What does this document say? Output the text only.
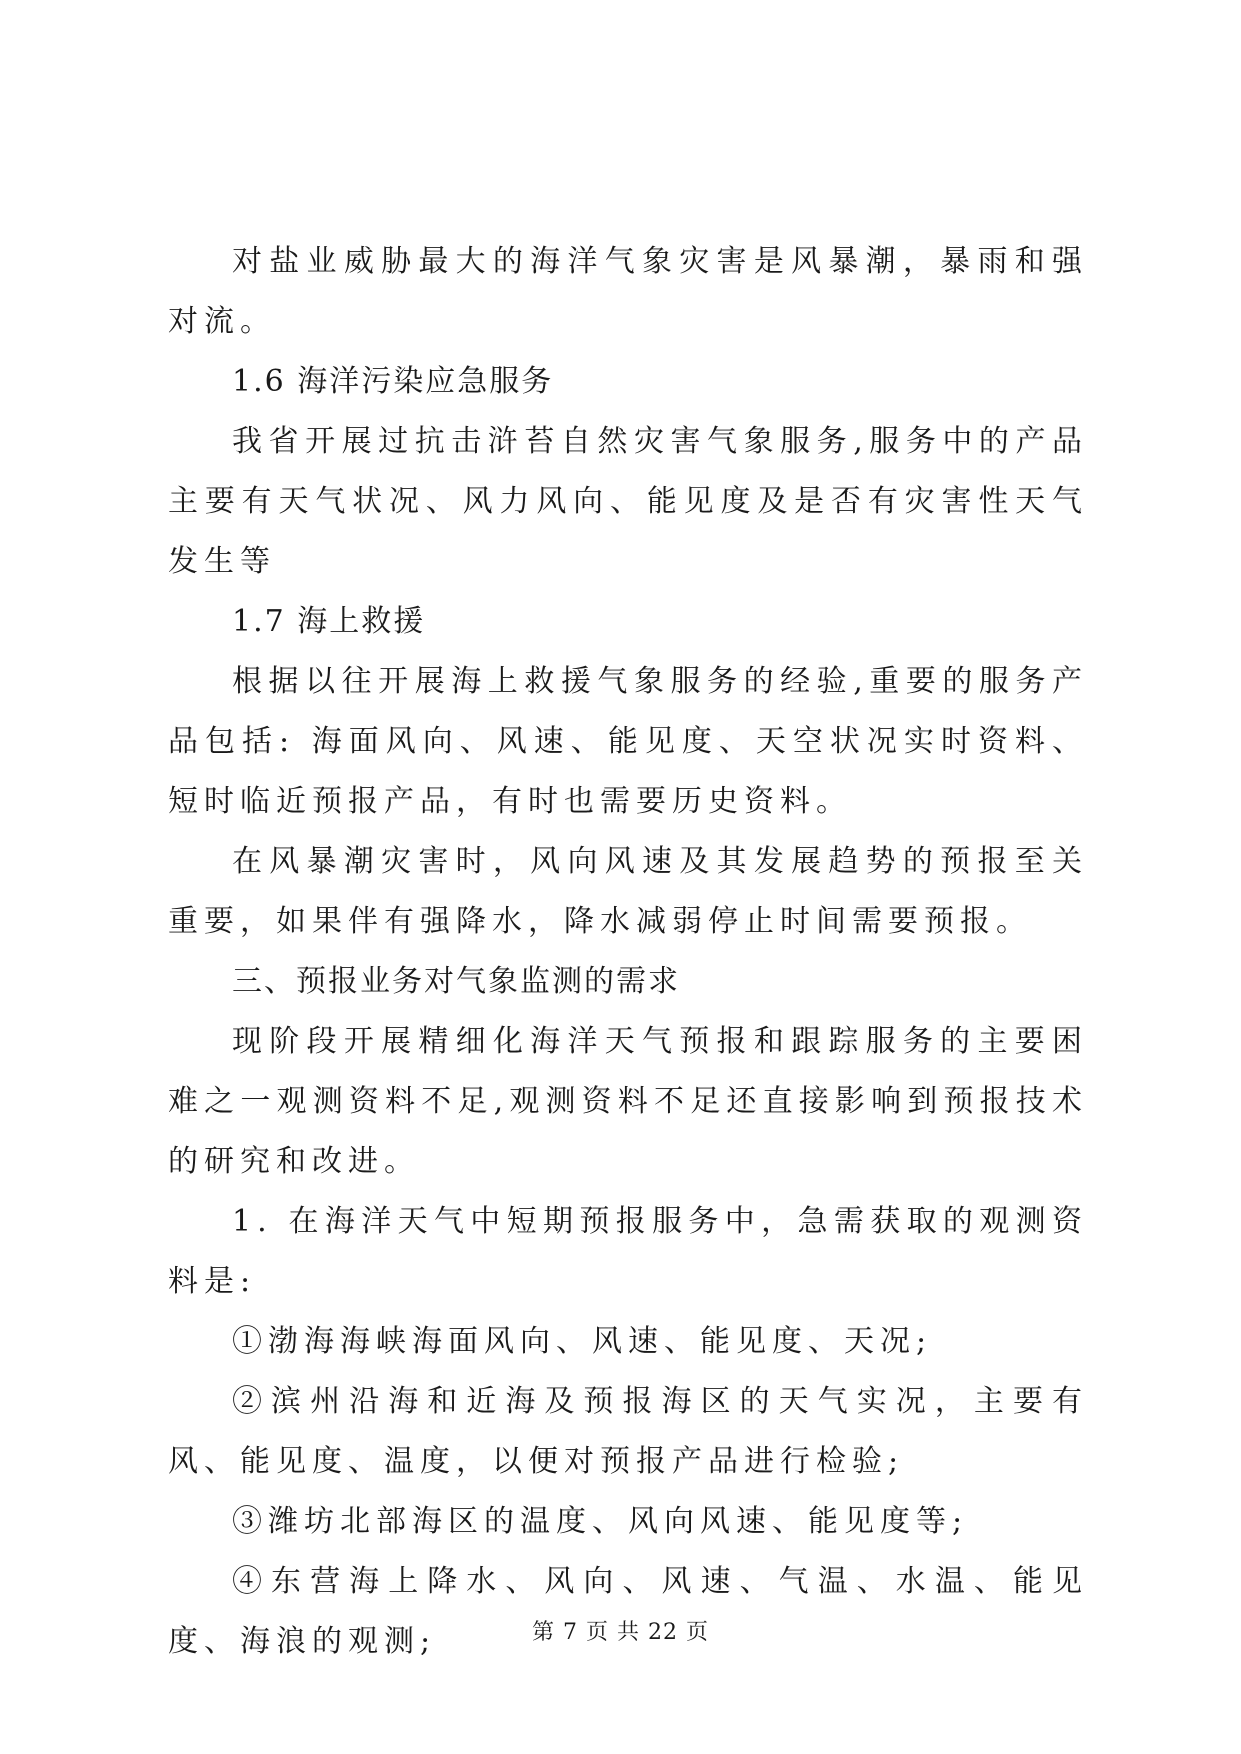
对盐业威胁最大的海洋气象灾害是风暴潮，暴雨和强对流。

1.6 海洋污染应急服务

我省开展过抗击浒苔自然灾害气象服务,服务中的产品主要有天气状况、风力风向、能见度及是否有灾害性天气发生等

1.7 海上救援

根据以往开展海上救援气象服务的经验,重要的服务产品包括: 海面风向、风速、能见度、天空状况实时资料、短时临近预报产品，有时也需要历史资料。

在风暴潮灾害时，风向风速及其发展趋势的预报至关重要，如果伴有强降水，降水减弱停止时间需要预报。

三、预报业务对气象监测的需求

现阶段开展精细化海洋天气预报和跟踪服务的主要困难之一观测资料不足,观测资料不足还直接影响到预报技术的研究和改进。

1. 在海洋天气中短期预报服务中，急需获取的观测资料是:

①渤海海峡海面风向、风速、能见度、天况;

②滨州沿海和近海及预报海区的天气实况，主要有风、能见度、温度，以便对预报产品进行检验;

③潍坊北部海区的温度、风向风速、能见度等;

④东营海上降水、风向、风速、气温、水温、能见度、海浪的观测;	第 7 页 共 22 页
